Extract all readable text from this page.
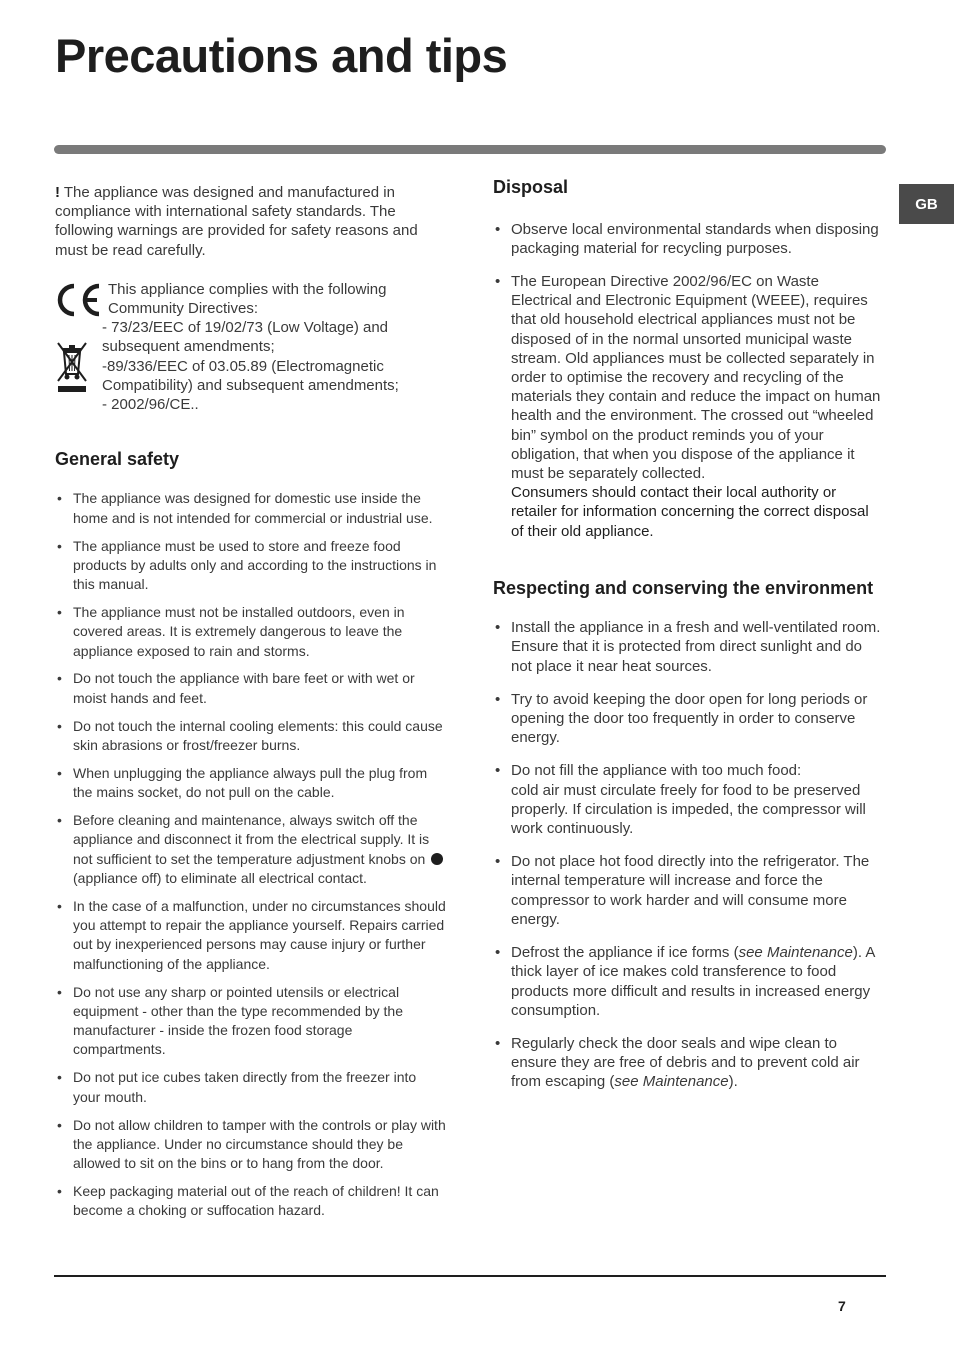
Precautions and tips
GB

! The appliance was designed and manufactured in compliance with international safety standards. The following warnings are provided for safety reasons and must be read carefully.

This appliance complies with the following
Community Directives:
- 73/23/EEC of 19/02/73 (Low Voltage) and
subsequent amendments;
-89/336/EEC of 03.05.89 (Electromagnetic
Compatibility) and subsequent amendments;
- 2002/96/CE..
General safety
• The appliance was designed for domestic use inside the home and is not intended for commercial or industrial use.
• The appliance must be used to store and freeze food products by adults only and according to the instructions in this manual.
• The appliance must not be installed outdoors, even in covered areas. It is extremely dangerous to leave the appliance exposed to rain and storms.
• Do not touch the appliance with bare feet or with wet or moist hands and feet.
• Do not touch the internal cooling elements: this could cause skin abrasions or frost/freezer burns.
• When unplugging the appliance always pull the plug from the mains socket, do not pull on the cable.
• Before cleaning and maintenance, always switch off the appliance and disconnect it from the electrical supply. It is not sufficient to set the temperature adjustment knobs on  (appliance off) to eliminate all electrical contact.
• In the case of a malfunction, under no circumstances should you attempt to repair the appliance yourself. Repairs carried out by inexperienced persons may cause injury or further malfunctioning of the appliance.
• Do not use any sharp or pointed utensils or electrical equipment - other than the type recommended by the manufacturer - inside the frozen food storage compartments.
• Do not put ice cubes taken directly from the freezer into your mouth.
• Do not allow children to tamper with the controls or play with the appliance. Under no circumstance should they be allowed to sit on the bins or to hang from the door.
• Keep packaging material out of the reach of children! It can become a choking or suffocation hazard.
Disposal
• Observe local environmental standards when disposing packaging material for recycling purposes.
• The European Directive 2002/96/EC on Waste Electrical and Electronic Equipment (WEEE), requires that old household electrical appliances must not be disposed of in the normal unsorted municipal waste stream. Old appliances must be collected separately in order to optimise the recovery and recycling of the materials they contain and reduce the impact on human health and the environment. The crossed out “wheeled bin” symbol on the product reminds you of your obligation, that when you dispose of the appliance it must be separately collected.
Consumers should contact their local authority or retailer for information concerning the correct disposal of their old appliance.
Respecting and conserving the environment
• Install the appliance in a fresh and well-ventilated room. Ensure that it is protected from direct sunlight and do not place it near heat sources.
• Try to avoid keeping the door open for long periods or opening the door too frequently in order to conserve energy.
• Do not fill the appliance with too much food:
cold air must circulate freely for food to be preserved properly. If circulation is impeded, the compressor will work continuously.
• Do not place hot food directly into the refrigerator. The internal temperature will increase and force the compressor to work harder and will consume more energy.
• Defrost the appliance if ice forms (see Maintenance). A thick layer of ice makes cold transference to food products more difficult and results in increased energy consumption.
• Regularly check the door seals and wipe clean to ensure they are free of debris and to prevent cold air from escaping (see Maintenance).
7
